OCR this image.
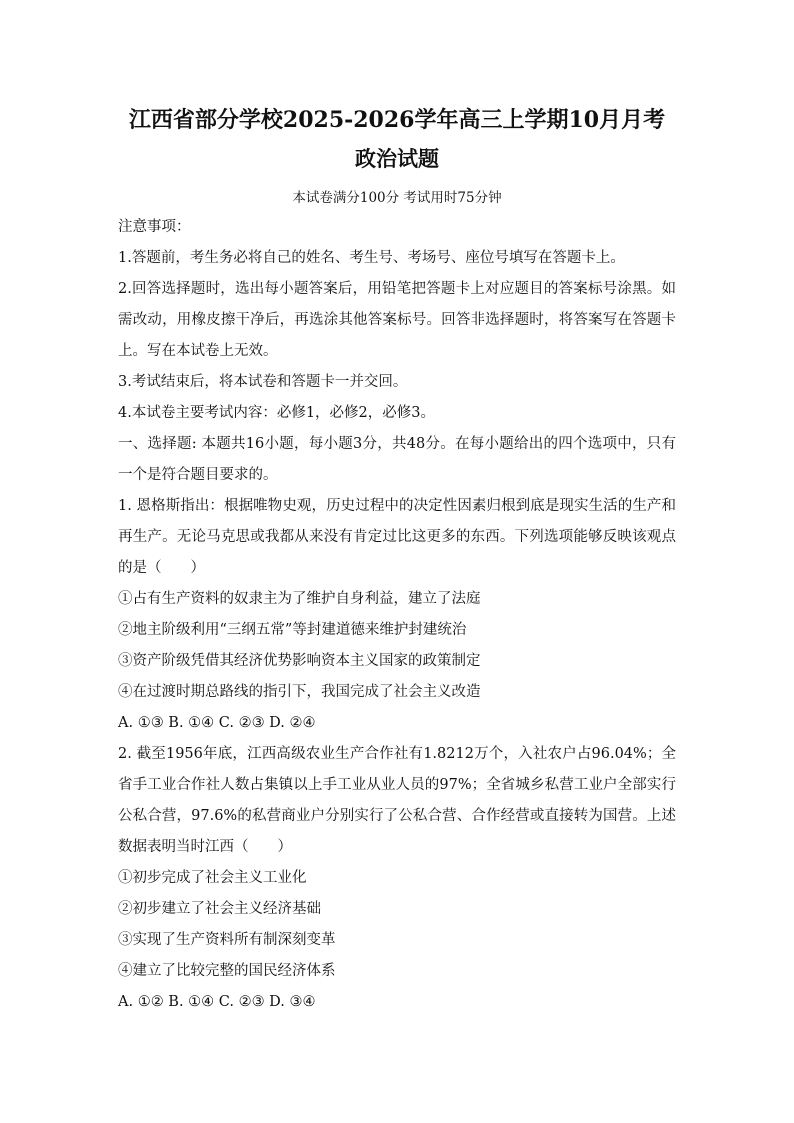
江西省部分学校2025-2026学年高三上学期10月月考
政治试题
本试卷满分100分 考试用时75分钟

注意事项：

1.答题前，考生务必将自己的姓名、考生号、考场号、座位号填写在答题卡上。

2.回答选择题时，选出每小题答案后，用铅笔把答题卡上对应题目的答案标号涂黑。如需改动，用橡皮擦干净后，再选涂其他答案标号。回答非选择题时，将答案写在答题卡上。写在本试卷上无效。

3.考试结束后，将本试卷和答题卡一并交回。

4.本试卷主要考试内容：必修1，必修2，必修3。

一、选择题: 本题共16小题，每小题3分，共48分。在每小题给出的四个选项中，只有一个是符合题目要求的。

1. 恩格斯指出：根据唯物史观，历史过程中的决定性因素归根到底是现实生活的生产和再生产。无论马克思或我都从来没有肯定过比这更多的东西。下列选项能够反映该观点的是（　　）

①占有生产资料的奴隶主为了维护自身利益，建立了法庭

②地主阶级利用“三纲五常”等封建道德来维护封建统治

③资产阶级凭借其经济优势影响资本主义国家的政策制定

④在过渡时期总路线的指引下，我国完成了社会主义改造

A. ①③ B. ①④ C. ②③ D. ②④

2. 截至1956年底，江西高级农业生产合作社有1.8212万个，入社农户占96.04%；全省手工业合作社人数占集镇以上手工业从业人员的97%；全省城乡私营工业户全部实行公私合营，97.6%的私营商业户分别实行了公私合营、合作经营或直接转为国营。上述数据表明当时江西（　　）

①初步完成了社会主义工业化

②初步建立了社会主义经济基础

③实现了生产资料所有制深刻变革

④建立了比较完整的国民经济体系

A. ①② B. ①④ C. ②③ D. ③④
